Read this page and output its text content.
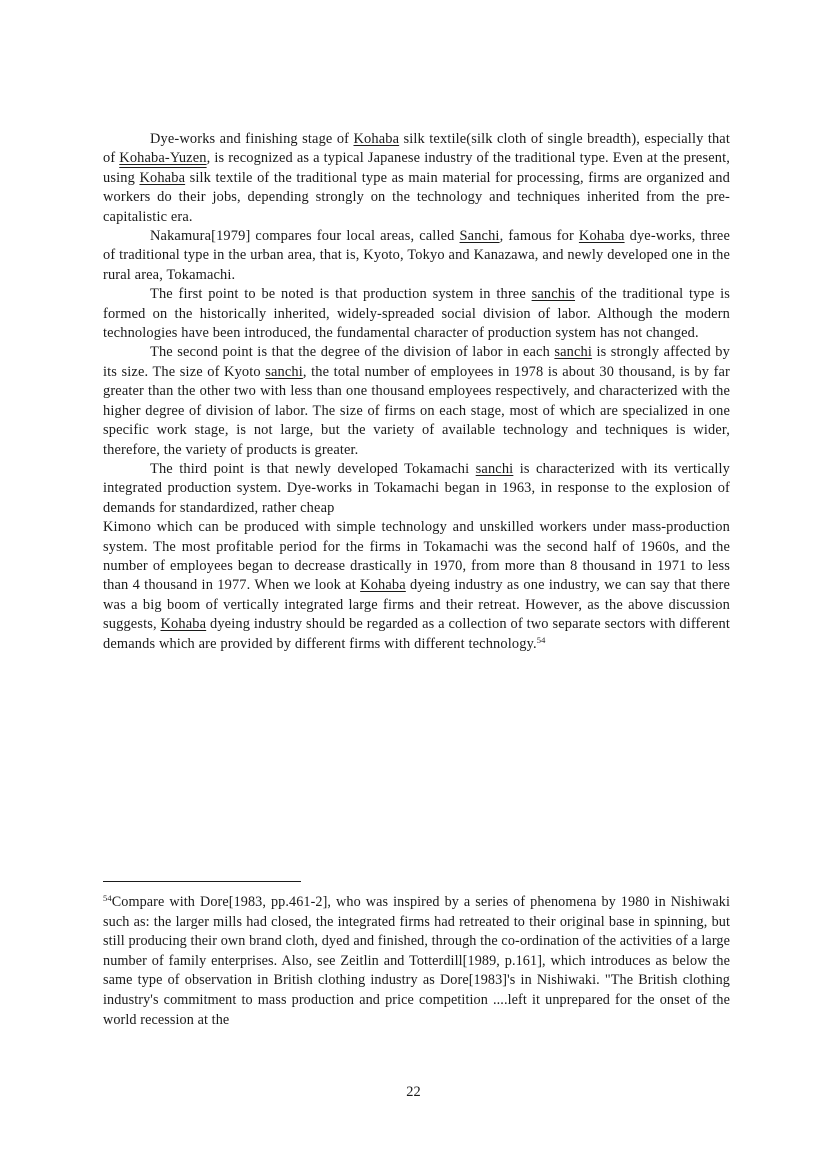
Dye-works and finishing stage of Kohaba silk textile(silk cloth of single breadth), especially that of Kohaba-Yuzen, is recognized as a typical Japanese industry of the traditional type. Even at the present, using Kohaba silk textile of the traditional type as main material for processing, firms are organized and workers do their jobs, depending strongly on the technology and techniques inherited from the pre-capitalistic era.

Nakamura[1979] compares four local areas, called Sanchi, famous for Kohaba dye-works, three of traditional type in the urban area, that is, Kyoto, Tokyo and Kanazawa, and newly developed one in the rural area, Tokamachi.

The first point to be noted is that production system in three sanchis of the traditional type is formed on the historically inherited, widely-spreaded social division of labor. Although the modern technologies have been introduced, the fundamental character of production system has not changed.

The second point is that the degree of the division of labor in each sanchi is strongly affected by its size. The size of Kyoto sanchi, the total number of employees in 1978 is about 30 thousand, is by far greater than the other two with less than one thousand employees respectively, and characterized with the higher degree of division of labor. The size of firms on each stage, most of which are specialized in one specific work stage, is not large, but the variety of available technology and techniques is wider, therefore, the variety of products is greater.

The third point is that newly developed Tokamachi sanchi is characterized with its vertically integrated production system. Dye-works in Tokamachi began in 1963, in response to the explosion of demands for standardized, rather cheap

Kimono which can be produced with simple technology and unskilled workers under mass-production system. The most profitable period for the firms in Tokamachi was the second half of 1960s, and the number of employees began to decrease drastically in 1970, from more than 8 thousand in 1971 to less than 4 thousand in 1977. When we look at Kohaba dyeing industry as one industry, we can say that there was a big boom of vertically integrated large firms and their retreat. However, as the above discussion suggests, Kohaba dyeing industry should be regarded as a collection of two separate sectors with different demands which are provided by different firms with different technology.$^{54}$

$^{54}$Compare with Dore[1983, pp.461-2], who was inspired by a series of phenomena by 1980 in Nishiwaki such as: the larger mills had closed, the integrated firms had retreated to their original base in spinning, but still producing their own brand cloth, dyed and finished, through the co-ordination of the activities of a large number of family enterprises. Also, see Zeitlin and Totterdill[1989, p.161], which introduces as below the same type of observation in British clothing industry as Dore[1983]'s in Nishiwaki. "The British clothing industry's commitment to mass production and price competition ....left it unprepared for the onset of the world recession at the

22
